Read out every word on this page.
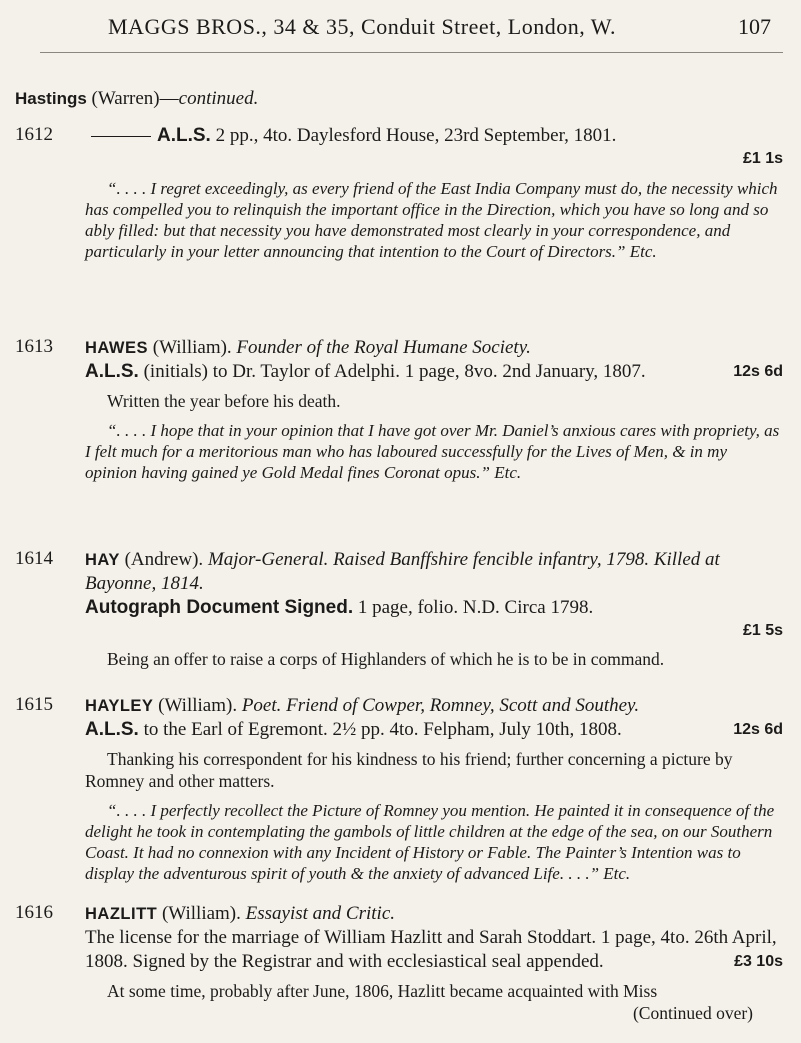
MAGGS BROS., 34 & 35, Conduit Street, London, W.	107
Hastings (Warren)—continued.
1612	A.L.S. 2 pp., 4to. Daylesford House, 23rd September, 1801.
£1 1s
“. . . . I regret exceedingly, as every friend of the East India Company must do, the necessity which has compelled you to relinquish the important office in the Direction, which you have so long and so ably filled: but that necessity you have demonstrated most clearly in your correspondence, and particularly in your letter announcing that intention to the Court of Directors.” Etc.
1613	HAWES (William). Founder of the Royal Humane Society.
A.L.S. (initials) to Dr. Taylor of Adelphi. 1 page, 8vo. 2nd January, 1807.	12s 6d
Written the year before his death.
“. . . . I hope that in your opinion that I have got over Mr. Daniel’s anxious cares with propriety, as I felt much for a meritorious man who has laboured successfully for the Lives of Men, & in my opinion having gained ye Gold Medal fines Coronat opus.” Etc.
1614	HAY (Andrew). Major-General. Raised Banffshire fencible infantry, 1798. Killed at Bayonne, 1814.
Autograph Document Signed. 1 page, folio. N.D. Circa 1798.
£1 5s
Being an offer to raise a corps of Highlanders of which he is to be in command.
1615	HAYLEY (William). Poet. Friend of Cowper, Romney, Scott and Southey.
A.L.S. to the Earl of Egremont. 2½ pp. 4to. Felpham, July 10th, 1808.	12s 6d
Thanking his correspondent for his kindness to his friend; further concerning a picture by Romney and other matters.
“. . . . I perfectly recollect the Picture of Romney you mention. He painted it in consequence of the delight he took in contemplating the gambols of little children at the edge of the sea, on our Southern Coast. It had no connexion with any Incident of History or Fable. The Painter’s Intention was to display the adventurous spirit of youth & the anxiety of advanced Life. . . .” Etc.
1616	HAZLITT (William). Essayist and Critic.
The license for the marriage of William Hazlitt and Sarah Stoddart. 1 page, 4to. 26th April, 1808. Signed by the Registrar and with ecclesiastical seal appended.	£3 10s
At some time, probably after June, 1806, Hazlitt became acquainted with Miss
(Continued over)
